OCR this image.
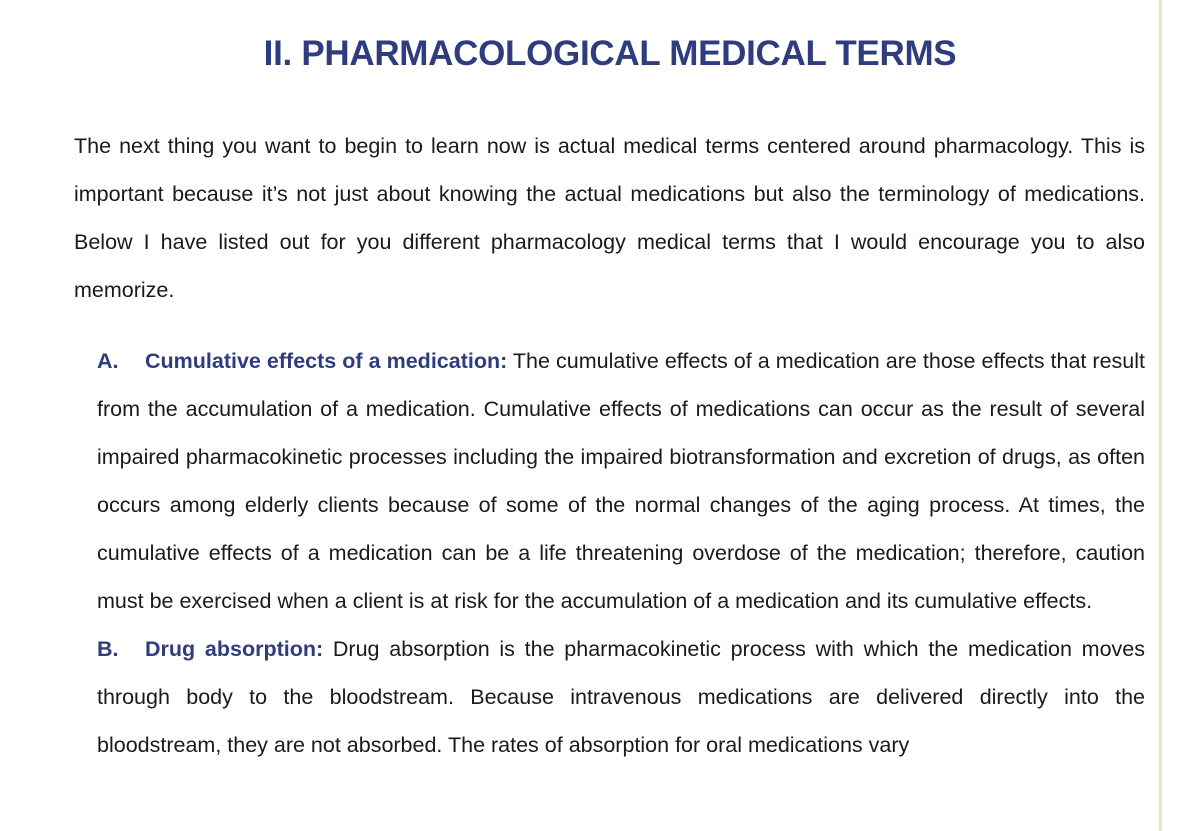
II. PHARMACOLOGICAL MEDICAL TERMS

The next thing you want to begin to learn now is actual medical terms centered around pharmacology. This is important because it’s not just about knowing the actual medications but also the terminology of medications. Below I have listed out for you different pharmacology medical terms that I would encourage you to also memorize.

A. Cumulative effects of a medication: The cumulative effects of a medication are those effects that result from the accumulation of a medication. Cumulative effects of medications can occur as the result of several impaired pharmacokinetic processes including the impaired biotransformation and excretion of drugs, as often occurs among elderly clients because of some of the normal changes of the aging process. At times, the cumulative effects of a medication can be a life threatening overdose of the medication; therefore, caution must be exercised when a client is at risk for the accumulation of a medication and its cumulative effects.
B. Drug absorption: Drug absorption is the pharmacokinetic process with which the medication moves through body to the bloodstream. Because intravenous medications are delivered directly into the bloodstream, they are not absorbed. The rates of absorption for oral medications vary
